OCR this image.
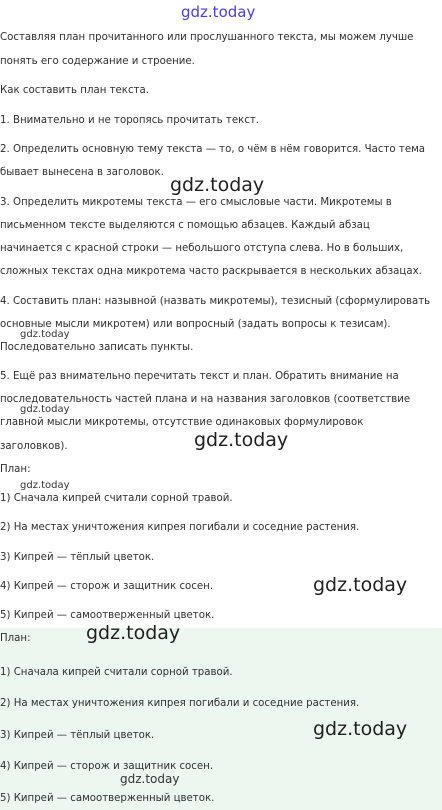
gdz.today
Составляя план прочитанного или прослушанного текста, мы можем лучше
понять его содержание и строение.
Как составить план текста.
1. Внимательно и не торопясь прочитать текст.
2. Определить основную тему текста — то, о чём в нём говорится. Часто тема
бывает вынесена в заголовок.
3. Определить микротемы текста — его смысловые части. Микротемы в
письменном тексте выделяются с помощью абзацев. Каждый абзац
начинается с красной строки — небольшого отступа слева. Но в больших,
сложных текстах одна микротема часто раскрывается в нескольких абзацах.
4. Составить план: назывной (назвать микротемы), тезисный (сформулировать
основные мысли микротем) или вопросный (задать вопросы к тезисам).
Последовательно записать пункты.
5. Ещё раз внимательно перечитать текст и план. Обратить внимание на
последовательность частей плана и на названия заголовков (соответствие
главной мысли микротемы, отсутствие одинаковых формулировок
заголовков).
План:
1) Сначала кипрей считали сорной травой.
2) На местах уничтожения кипрея погибали и соседние растения.
3) Кипрей — тёплый цветок.
4) Кипрей — сторож и защитник сосен.
5) Кипрей — самоотверженный цветок.
План:
1) Сначала кипрей считали сорной травой.
2) На местах уничтожения кипрея погибали и соседние растения.
3) Кипрей — тёплый цветок.
4) Кипрей — сторож и защитник сосен.
5) Кипрей — самоотверженный цветок.
gdz.today
gdz.today
gdz.today
gdz.today
gdz.today
gdz.today
gdz.today
gdz.today
gdz.today
